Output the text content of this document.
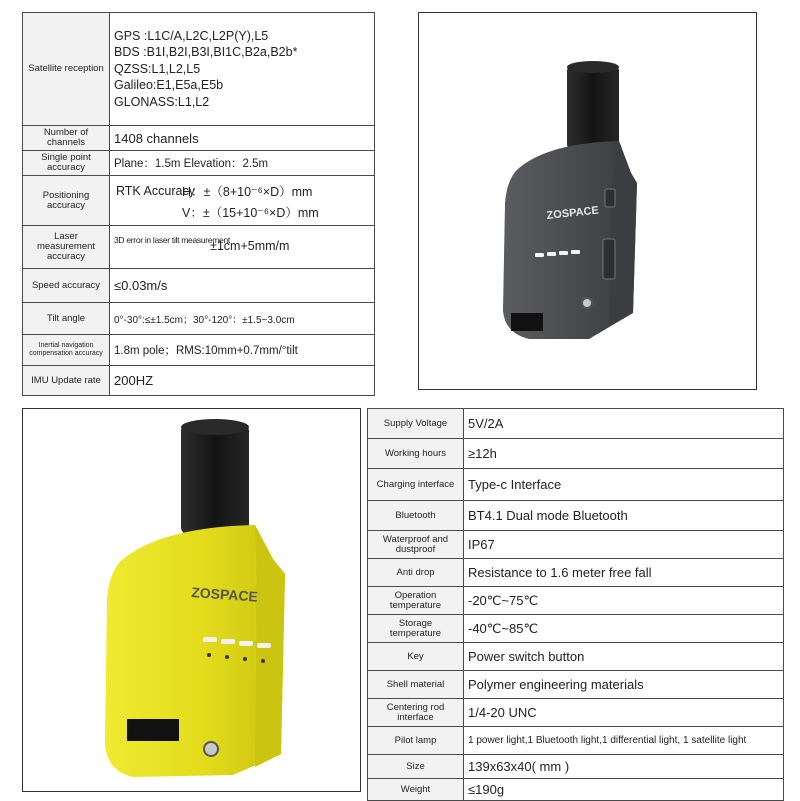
Satellite reception	GPS :L1C/A,L2C,L2P(Y),L5
BDS :B1I,B2I,B3I,BI1C,B2a,B2b*
QZSS:L1,L2,L5
Galileo:E1,E5a,E5b
GLONASS:L1,L2

Number of channels	1408 channels
Single point accuracy	Plane：1.5m Elevation：2.5m
Positioning accuracy	RTK Accuracy
H：±（8+10⁻⁶×D）mm
V：±（15+10⁻⁶×D）mm

Laser measurement accuracy	3D error in laser tilt measurement
±1cm+5mm/m

Speed accuracy	≤0.03m/s
Tilt angle	0°-30°:≤±1.5cm；30°-120°：±1.5~3.0cm
Inertial navigation compensation accuracy	1.8m pole；RMS:10mm+0.7mm/°tilt
IMU Update rate	200HZ
ZOSPACE
ZOSPACE
Supply Voltage	5V/2A
Working hours	≥12h
Charging interface	Type-c Interface
Bluetooth	BT4.1 Dual mode Bluetooth
Waterproof and dustproof	IP67
Anti drop	Resistance to 1.6 meter free fall
Operation temperature	-20℃~75℃
Storage temperature	-40℃~85℃
Key	Power switch button
Shell material	Polymer engineering materials
Centering rod interface	1/4-20 UNC
Pilot lamp	1 power light,1 Bluetooth light,1 differential light, 1 satellite light
Size	139x63x40( mm )
Weight	≤190g
